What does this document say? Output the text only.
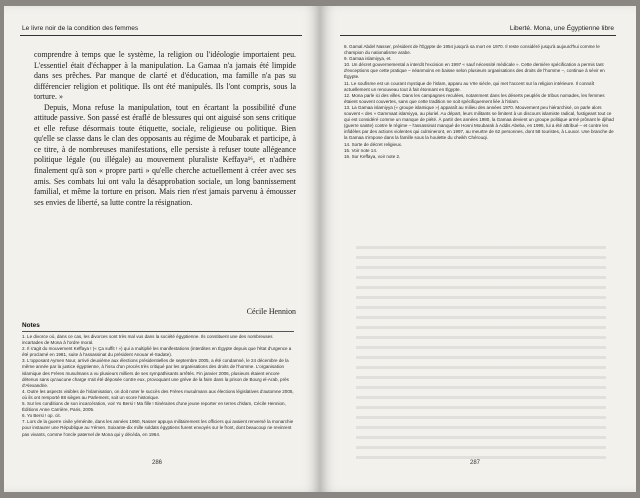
Le livre noir de la condition des femmes

comprendre à temps que le système, la religion ou l'idéologie importaient peu. L'essentiel était d'échapper à la manipulation. La Gamaa n'a jamais été limpide dans ses prêches. Par manque de clarté et d'éducation, ma famille n'a pas su différencier religion et politique. Ils ont été manipulés. Ils l'ont compris, sous la torture. »

Depuis, Mona refuse la manipulation, tout en écartant la possibilité d'une attitude passive. Son passé est éraflé de blessures qui ont aiguisé son sens critique et elle refuse désormais toute étiquette, sociale, religieuse ou politique. Bien qu'elle se classe dans le clan des opposants au régime de Moubarak et participe, à ce titre, à de nombreuses manifestations, elle persiste à refuser toute allégeance politique légale (ou illégale) au mouvement pluraliste Keffaya¹⁶, et n'adhère finalement qu'à son « propre parti » qu'elle cherche actuellement à créer avec ses amis. Ses combats lui ont valu la désapprobation sociale, un long bannissement familial, et même la torture en prison. Mais rien n'est jamais parvenu à émousser ses envies de liberté, sa lutte contre la résignation.

Cécile Hennion
Notes

1. Le divorce où, dans ce cas, les divorces sont très mal vus dans la société égyptienne. Ils constituent une des nombreuses incartades de Mona à l'ordre moral.

2. Il s'agit du mouvement Keffaya ! (« Ça suffit ! ») qui a multiplié les manifestations (interdites en Égypte depuis que l'état d'urgence a été proclamé en 1981, suite à l'assassinat du président Anouar el-Sadate).

3. L'opposant Aymen Nour, arrivé deuxième aux élections présidentielles de septembre 2005, a été condamné, le 24 décembre de la même année par la justice égyptienne, à l'issu d'un procès très critiqué par les organisations des droits de l'homme. L'organisation islamique des Frères musulmans a vu plusieurs milliers de ses sympathisants arrêtés. Fin janvier 2006, plusieurs étaient encore détenus sans qu'aucune charge n'ait été déposée contre eux, provoquant une grève de la faim dans la prison de Bourg el-Arab, près d'Alexandrie.

4. Outre les aspects visibles de l'islamisation, on doit noter le succès des Frères musulmans aux élections législatives d'automne 2005, où ils ont remporté 88 sièges au Parlement, soit un score historique.

5. Sur les conditions de son incarcération, voir Yo Bersi ! Ma fille ! Itinéraires d'une jeune reporter en terres d'islam, Cécile Hennion, Éditions Anne Carrière, Paris, 2005.

6. Yo Bersi ! op. cit.

7. Lors de la guerre civile yéménite, dans les années 1960, Nasser appuya militairement les officiers qui avaient renversé la monarchie pour instaurer une République au Yémen. Soixante-dix mille soldats égyptiens furent envoyés sur le front, dont beaucoup ne revinrent pas vivants, comme l'oncle paternel de Mona qui y décéda, en 1964.

286
Liberté. Mona, une Égyptienne libre

8. Gamal Abdel Nasser, président de l'Égypte de 1954 jusqu'à sa mort en 1970. Il reste considéré jusqu'à aujourd'hui comme le champion du nationalisme arabe.

9. Gamaa islamiyya, et.

10. Un décret gouvernemental a interdit l'excision en 1997 « sauf nécessité médicale ». Cette dernière spécification a permis tant d'exceptions que cette pratique – néanmoins en baisse selon plusieurs organisations des droits de l'homme –, continue à sévir en Égypte.

11. Le soufisme est un courant mystique de l'islam, apparu au VIIe siècle, qui met l'accent sur la religion intérieure. Il connaît actuellement un renouveau tout à fait étonnant en Égypte.

12. Mona parle ici des villes. Dans les campagnes reculées, notamment dans les déserts peuplés de tribus nomades, les femmes étaient souvent couvertes, sans que cette tradition ne soit spécifiquement liée à l'islam.

13. La Gamaa islamiyya (« groupe islamique ») apparaît au milieu des années 1970. Mouvement peu hiérarchisé, on parle alors souvent « des » Gammaat islamiyya, au pluriel. Au départ, leurs militants se limitent à un discours islamiste radical, fustigeant tout ce qui est considéré comme un manque de piété. À partir des années 1980, la Gamaa devient un groupe politique armé prônant le djihad (guerre sainte) contre le régime – l'assassinat manqué de Hosni Moubarak à Addis Abeba, en 1995, lui a été attribué – et contre les infidèles par des actions violentes qui culmineront, en 1997, au meurtre de 62 personnes, dont 58 touristes, à Louxor. Une branche de la Gamaa s'impose dans la famille sous la houlette du cheikh Chérouqi.

14. Sorte de décret religieux.

15. Voir note 14.

16. Sur Keffaya, voir note 2.

287
